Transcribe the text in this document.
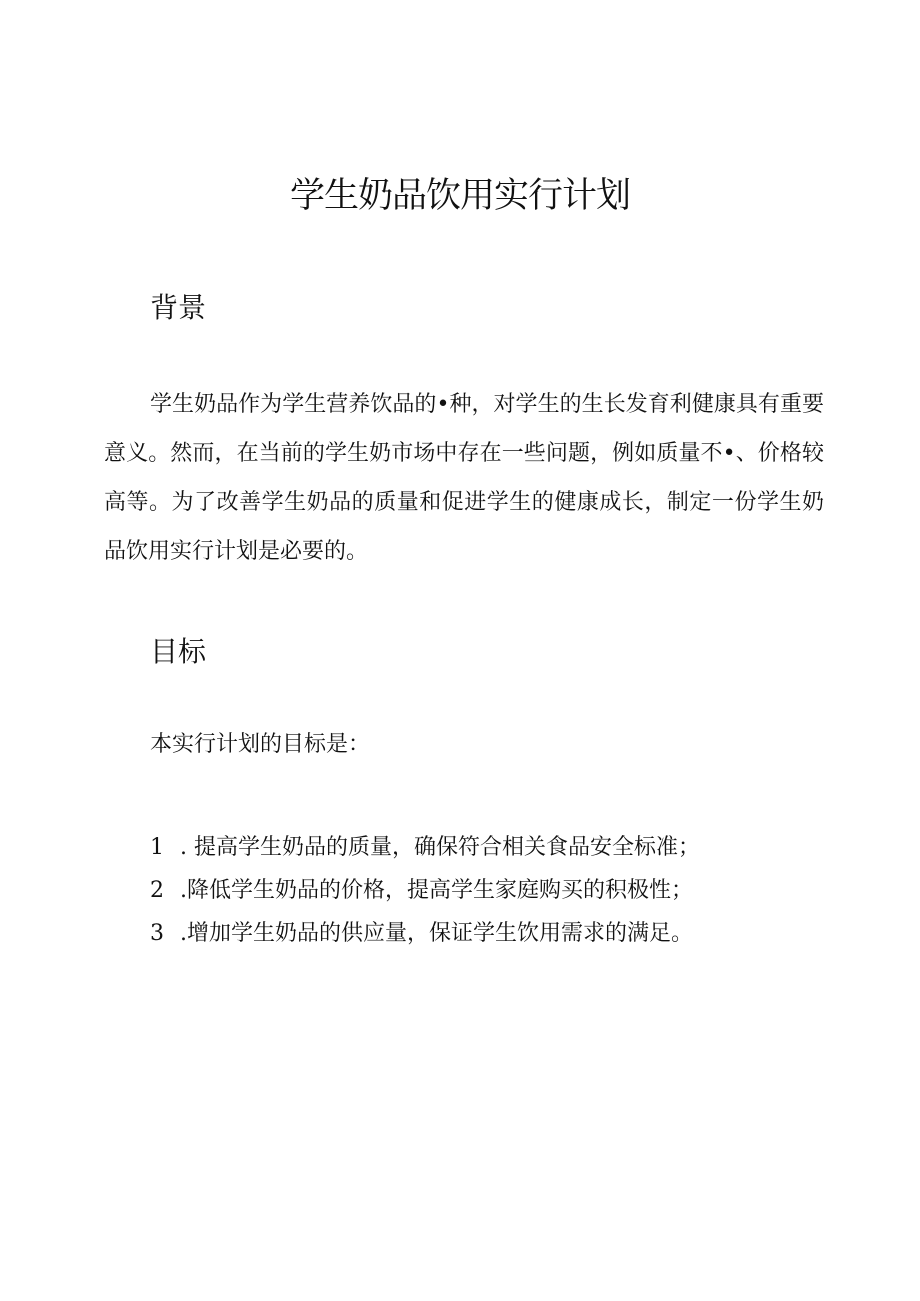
学生奶品饮用实行计划
背景

学生奶品作为学生营养饮品的•种，对学生的生长发育利健康具有重要意义。然而，在当前的学生奶市场中存在一些问题，例如质量不•、价格较高等。为了改善学生奶品的质量和促进学生的健康成长，制定一份学生奶品饮用实行计划是必要的。

目标

本实行计划的目标是：

1 . 提高学生奶品的质量，确保符合相关食品安全标准；
2 .降低学生奶品的价格，提高学生家庭购买的积极性；
3 .增加学生奶品的供应量，保证学生饮用需求的满足。
